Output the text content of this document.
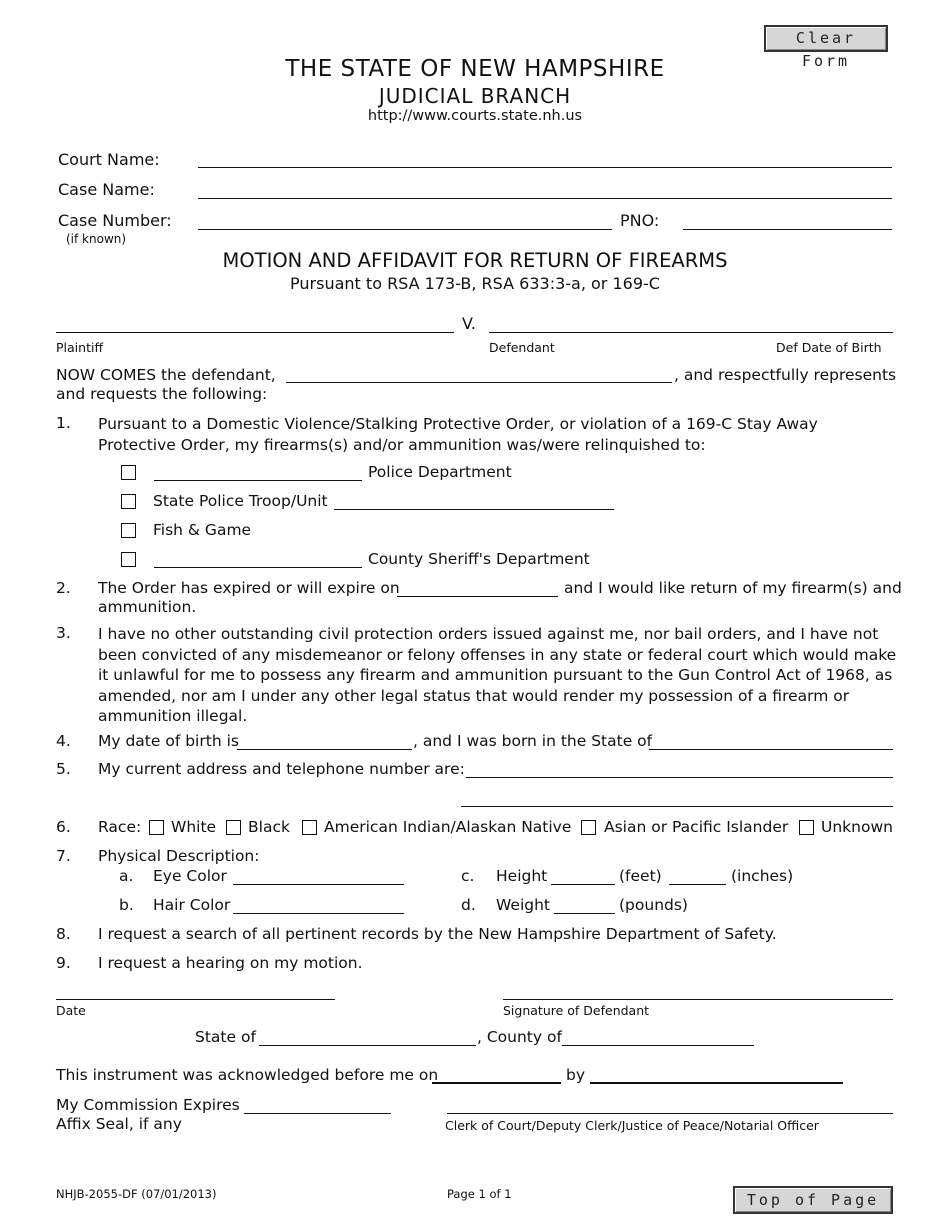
Clear Form
Top of Page
THE STATE OF NEW HAMPSHIRE
JUDICIAL BRANCH
http://www.courts.state.nh.us
Court Name:
Case Name:
Case Number:	PNO:
(if known)
MOTION AND AFFIDAVIT FOR RETURN OF FIREARMS
Pursuant to RSA 173-B, RSA 633:3-a, or 169-C
V.
Plaintiff	Defendant	Def Date of Birth
NOW COMES the defendant,	, and respectfully represents
and requests the following:
1. Pursuant to a Domestic Violence/Stalking Protective Order, or violation of a 169-C Stay Away Protective Order, my firearms(s) and/or ammunition was/were relinquished to:
Police Department
State Police Troop/Unit
Fish & Game
County Sheriff's Department
2. The Order has expired or will expire on	and I would like return of my firearm(s) and
ammunition.
3. I have no other outstanding civil protection orders issued against me, nor bail orders, and I have not been convicted of any misdemeanor or felony offenses in any state or federal court which would make it unlawful for me to possess any firearm and ammunition pursuant to the Gun Control Act of 1968, as amended, nor am I under any other legal status that would render my possession of a firearm or ammunition illegal.
4. My date of birth is	, and I was born in the State of
5. My current address and telephone number are:
6. Race: White Black American Indian/Alaskan Native Asian or Pacific Islander Unknown
7. Physical Description:
a. Eye Color	c. Height	(feet)	(inches)
b. Hair Color	d. Weight	(pounds)
8. I request a search of all pertinent records by the New Hampshire Department of Safety.
9. I request a hearing on my motion.
Date	Signature of Defendant
State of	, County of
This instrument was acknowledged before me on	by
My Commission Expires
Affix Seal, if any	Clerk of Court/Deputy Clerk/Justice of Peace/Notarial Officer
NHJB-2055-DF (07/01/2013)	Page 1 of 1
